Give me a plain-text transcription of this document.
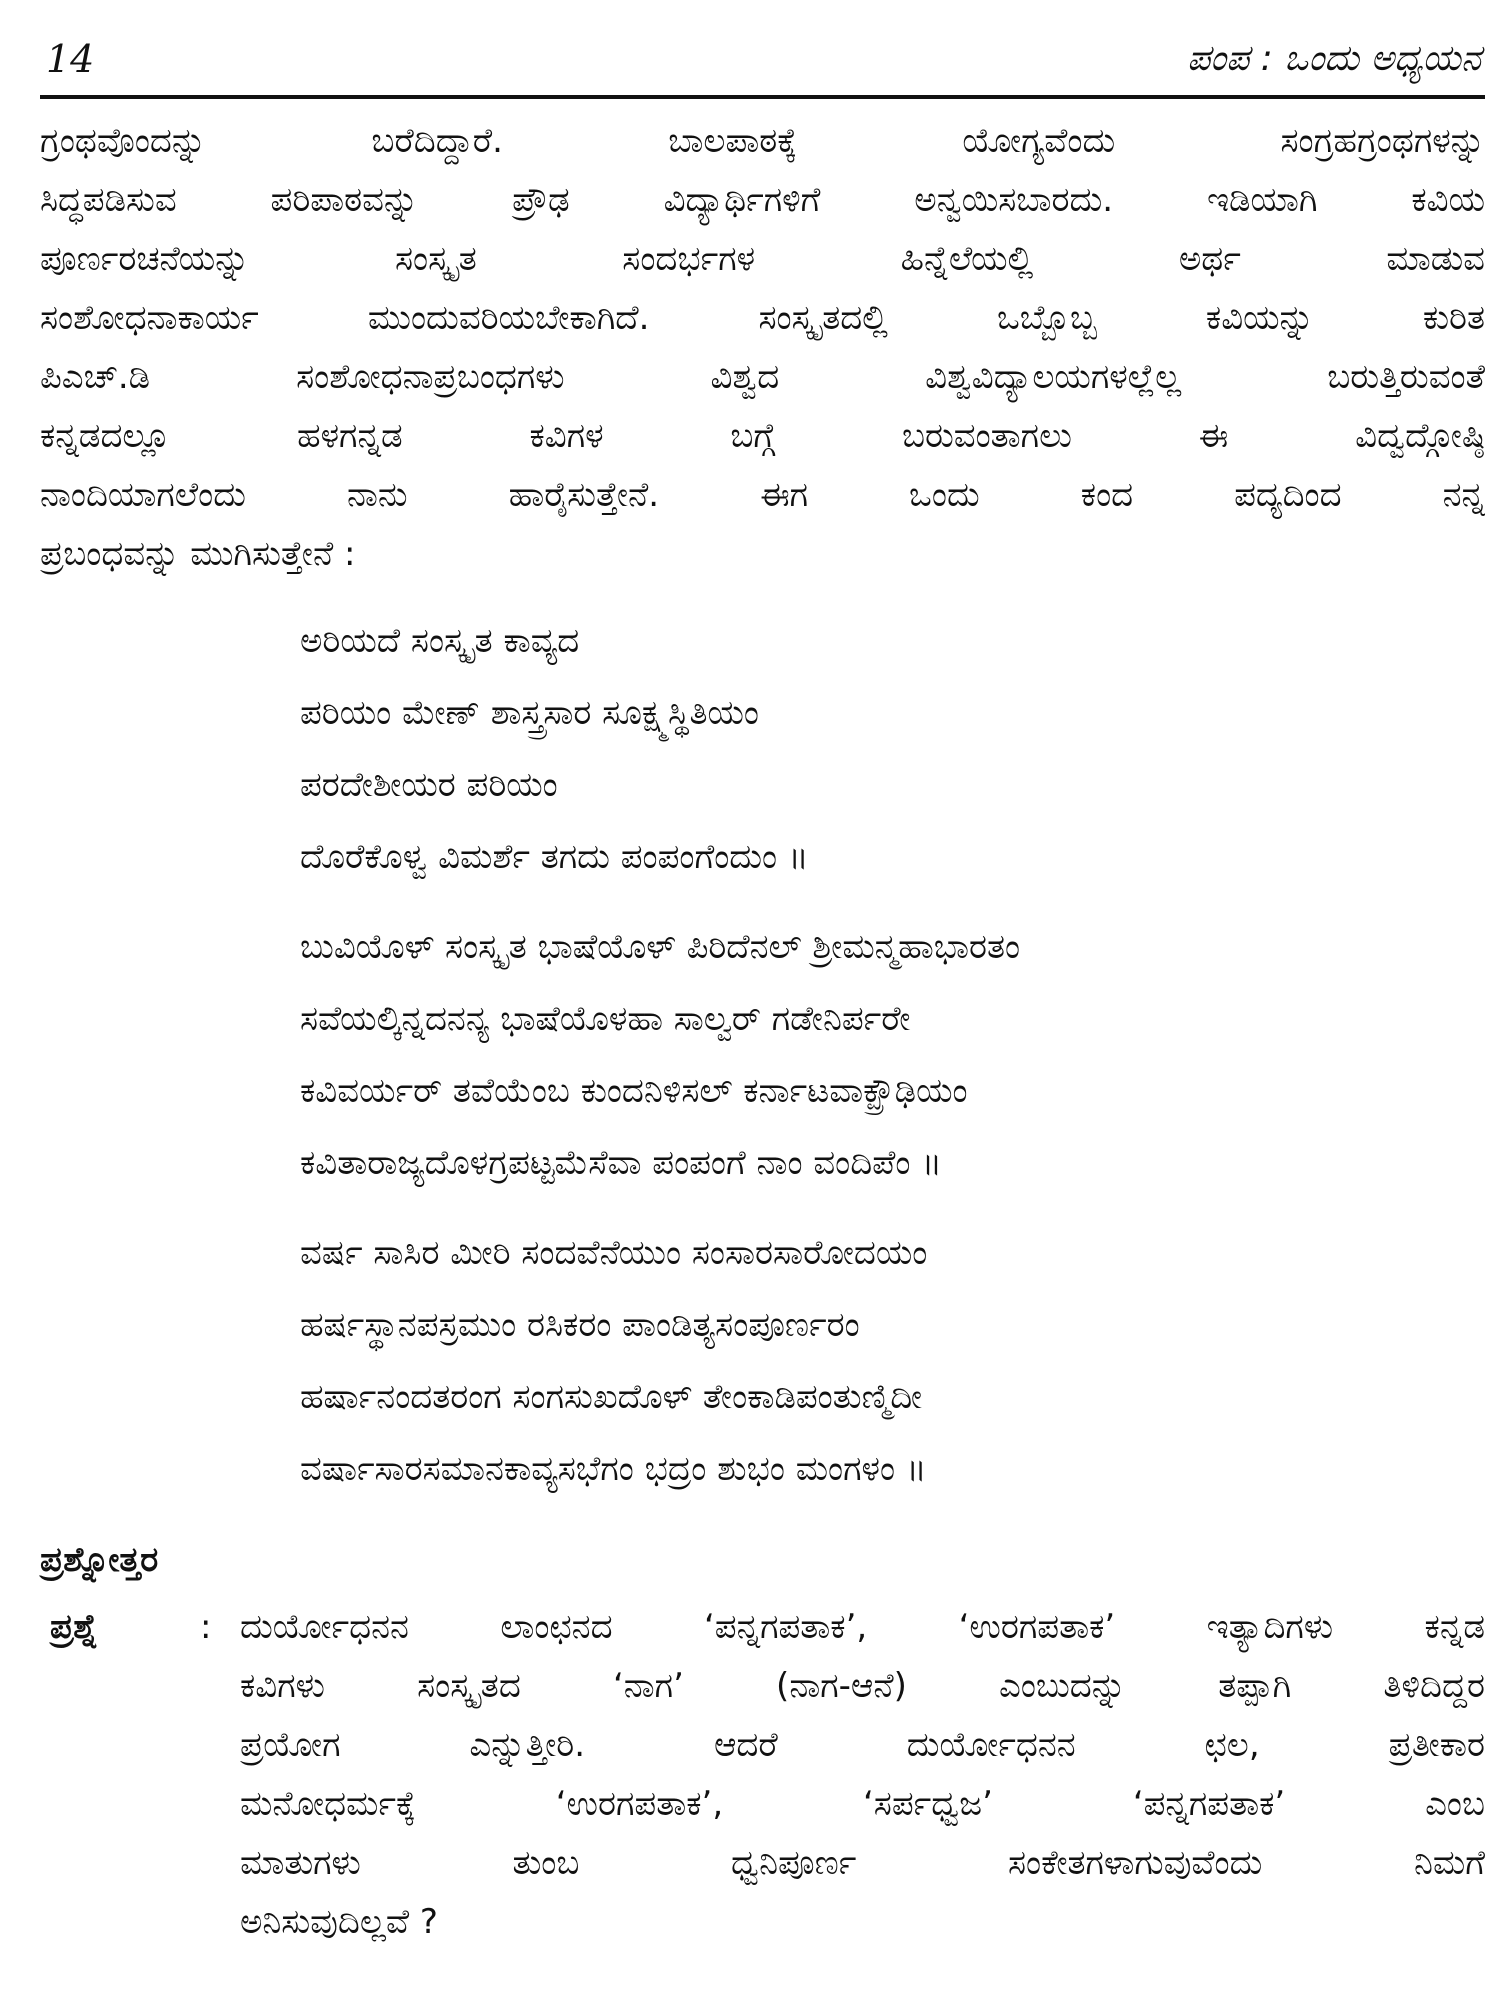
14	ಪಂಪ : ಒಂದು ಅಧ್ಯಯನ
ಗ್ರಂಥವೊಂದನ್ನು ಬರೆದಿದ್ದಾರೆ. ಬಾಲಪಾಠಕ್ಕೆ ಯೋಗ್ಯವೆಂದು ಸಂಗ್ರಹಗ್ರಂಥಗಳನ್ನು
ಸಿದ್ಧಪಡಿಸುವ ಪರಿಪಾಠವನ್ನು ಪ್ರೌಢ ವಿದ್ಯಾರ್ಥಿಗಳಿಗೆ ಅನ್ವಯಿಸಬಾರದು. ಇಡಿಯಾಗಿ ಕವಿಯ
ಪೂರ್ಣರಚನೆಯನ್ನು ಸಂಸ್ಕೃತ ಸಂದರ್ಭಗಳ ಹಿನ್ನೆಲೆಯಲ್ಲಿ ಅರ್ಥ ಮಾಡುವ
ಸಂಶೋಧನಾಕಾರ್ಯ ಮುಂದುವರಿಯಬೇಕಾಗಿದೆ. ಸಂಸ್ಕೃತದಲ್ಲಿ ಒಬ್ಬೊಬ್ಬ ಕವಿಯನ್ನು ಕುರಿತ
ಪಿಎಚ್.ಡಿ ಸಂಶೋಧನಾಪ್ರಬಂಧಗಳು ವಿಶ್ವದ ವಿಶ್ವವಿದ್ಯಾಲಯಗಳಲ್ಲೆಲ್ಲ ಬರುತ್ತಿರುವಂತೆ
ಕನ್ನಡದಲ್ಲೂ ಹಳಗನ್ನಡ ಕವಿಗಳ ಬಗ್ಗೆ ಬರುವಂತಾಗಲು ಈ ವಿದ್ವದ್ಗೋಷ್ಠಿ
ನಾಂದಿಯಾಗಲೆಂದು ನಾನು ಹಾರೈಸುತ್ತೇನೆ. ಈಗ ಒಂದು ಕಂದ ಪದ್ಯದಿಂದ ನನ್ನ
ಪ್ರಬಂಧವನ್ನು ಮುಗಿಸುತ್ತೇನೆ :
ಅರಿಯದೆ ಸಂಸ್ಕೃತ ಕಾವ್ಯದ
ಪರಿಯಂ ಮೇಣ್ ಶಾಸ್ತ್ರಸಾರ ಸೂಕ್ಷ್ಮಸ್ಥಿತಿಯಂ
ಪರದೇಶೀಯರ ಪರಿಯಂ
ದೊರೆಕೊಳ್ವ ವಿಮರ್ಶೆ ತಗದು ಪಂಪಂಗೆಂದುಂ ॥
ಬುವಿಯೊಳ್ ಸಂಸ್ಕೃತ ಭಾಷೆಯೊಳ್ ಪಿರಿದೆನಲ್ ಶ್ರೀಮನ್ಮಹಾಭಾರತಂ
ಸವೆಯಲ್ಕಿನ್ನದನನ್ಯ ಭಾಷೆಯೊಳಹಾ ಸಾಲ್ವರ್ ಗಡೇನಿರ್ಪರೇ
ಕವಿವರ್ಯರ್ ತವೆಯೆಂಬ ಕುಂದನಿಳಿಸಲ್ ಕರ್ನಾಟವಾಕ್ಪ್ರೌಢಿಯಂ
ಕವಿತಾರಾಜ್ಯದೊಳಗ್ರಪಟ್ಟಮೆಸೆವಾ ಪಂಪಂಗೆ ನಾಂ ವಂದಿಪೆಂ ॥
ವರ್ಷ ಸಾಸಿರ ಮೀರಿ ಸಂದವೆನೆಯುಂ ಸಂಸಾರಸಾರೋದಯಂ
ಹರ್ಷಸ್ಥಾನಪಸ್ರಮುಂ ರಸಿಕರಂ ಪಾಂಡಿತ್ಯಸಂಪೂರ್ಣರಂ
ಹರ್ಷಾನಂದತರಂಗ ಸಂಗಸುಖದೊಳ್ ತೇಂಕಾಡಿಪಂತುಣ್ಮಿದೀ
ವರ್ಷಾಸಾರಸಮಾನಕಾವ್ಯಸಭೆಗಂ ಭದ್ರಂ ಶುಭಂ ಮಂಗಳಂ ॥
ಪ್ರಶ್ನೋತ್ತರ
ಪ್ರಶ್ನೆ	: ದುರ್ಯೋಧನನ ಲಾಂಛನದ ‘ಪನ್ನಗಪತಾಕ’, ‘ಉರಗಪತಾಕ’ ಇತ್ಯಾದಿಗಳು ಕನ್ನಡ
ಕವಿಗಳು ಸಂಸ್ಕೃತದ ‘ನಾಗ’ (ನಾಗ-ಆನೆ) ಎಂಬುದನ್ನು ತಪ್ಪಾಗಿ ತಿಳಿದಿದ್ದರ
ಪ್ರಯೋಗ ಎನ್ನುತ್ತೀರಿ. ಆದರೆ ದುರ್ಯೋಧನನ ಛಲ, ಪ್ರತೀಕಾರ
ಮನೋಧರ್ಮಕ್ಕೆ ‘ಉರಗಪತಾಕ’, ‘ಸರ್ಪಧ್ವಜ’ ‘ಪನ್ನಗಪತಾಕ’ ಎಂಬ
ಮಾತುಗಳು ತುಂಬ ಧ್ವನಿಪೂರ್ಣ ಸಂಕೇತಗಳಾಗುವುವೆಂದು ನಿಮಗೆ
ಅನಿಸುವುದಿಲ್ಲವೆ ?
